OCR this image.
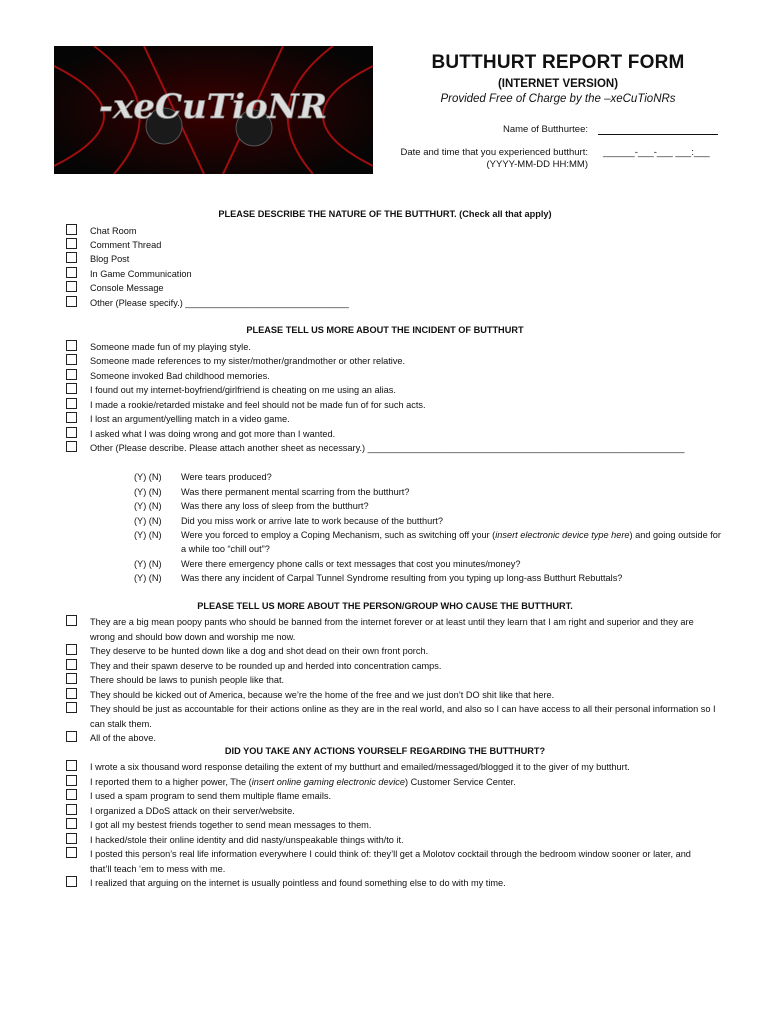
-xeCuTioNR
BUTTHURT REPORT FORM
(INTERNET VERSION)
Provided Free of Charge by the –xeCuTioNRs
Name of Butthurtee:
Date and time that you experienced butthurt:
(YYYY-MM-DD HH:MM)
______-___-___ ___:___
PLEASE DESCRIBE THE NATURE OF THE BUTTHURT. (Check all that apply)
Chat Room
Comment Thread
Blog Post
In Game Communication
Console Message
Other (Please specify.) ________________________________
PLEASE TELL US MORE ABOUT THE INCIDENT OF BUTTHURT
Someone made fun of my playing style.
Someone made references to my sister/mother/grandmother or other relative.
Someone invoked Bad childhood memories.
I found out my internet-boyfriend/girlfriend is cheating on me using an alias.
I made a rookie/retarded mistake and feel should not be made fun of for such acts.
I lost an argument/yelling match in a video game.
I asked what I was doing wrong and got more than I wanted.
Other (Please describe. Please attach another sheet as necessary.) ______________________________________________________________
(Y) (N) Were tears produced?
(Y) (N) Was there permanent mental scarring from the butthurt?
(Y) (N) Was there any loss of sleep from the butthurt?
(Y) (N) Did you miss work or arrive late to work because of the butthurt?
(Y) (N) Were you forced to employ a Coping Mechanism, such as switching off your (insert electronic device type here) and going outside for
a while too “chill out”?
(Y) (N) Were there emergency phone calls or text messages that cost you minutes/money?
(Y) (N) Was there any incident of Carpal Tunnel Syndrome resulting from you typing up long-ass Butthurt Rebuttals?
PLEASE TELL US MORE ABOUT THE PERSON/GROUP WHO CAUSE THE BUTTHURT.
They are a big mean poopy pants who should be banned from the internet forever or at least until they learn that I am right and superior and they are
wrong and should bow down and worship me now.
They deserve to be hunted down like a dog and shot dead on their own front porch.
They and their spawn deserve to be rounded up and herded into concentration camps.
There should be laws to punish people like that.
They should be kicked out of America, because we’re the home of the free and we just don’t DO shit like that here.
They should be just as accountable for their actions online as they are in the real world, and also so I can have access to all their personal information so I
can stalk them.
All of the above.
DID YOU TAKE ANY ACTIONS YOURSELF REGARDING THE BUTTHURT?
I wrote a six thousand word response detailing the extent of my butthurt and emailed/messaged/blogged it to the giver of my butthurt.
I reported them to a higher power, The (insert online gaming electronic device) Customer Service Center.
I used a spam program to send them multiple flame emails.
I organized a DDoS attack on their server/website.
I got all my bestest friends together to send mean messages to them.
I hacked/stole their online identity and did nasty/unspeakable things with/to it.
I posted this person’s real life information everywhere I could think of: they’ll get a Molotov cocktail through the bedroom window sooner or later, and
that’ll teach ‘em to mess with me.
I realized that arguing on the internet is usually pointless and found something else to do with my time.
